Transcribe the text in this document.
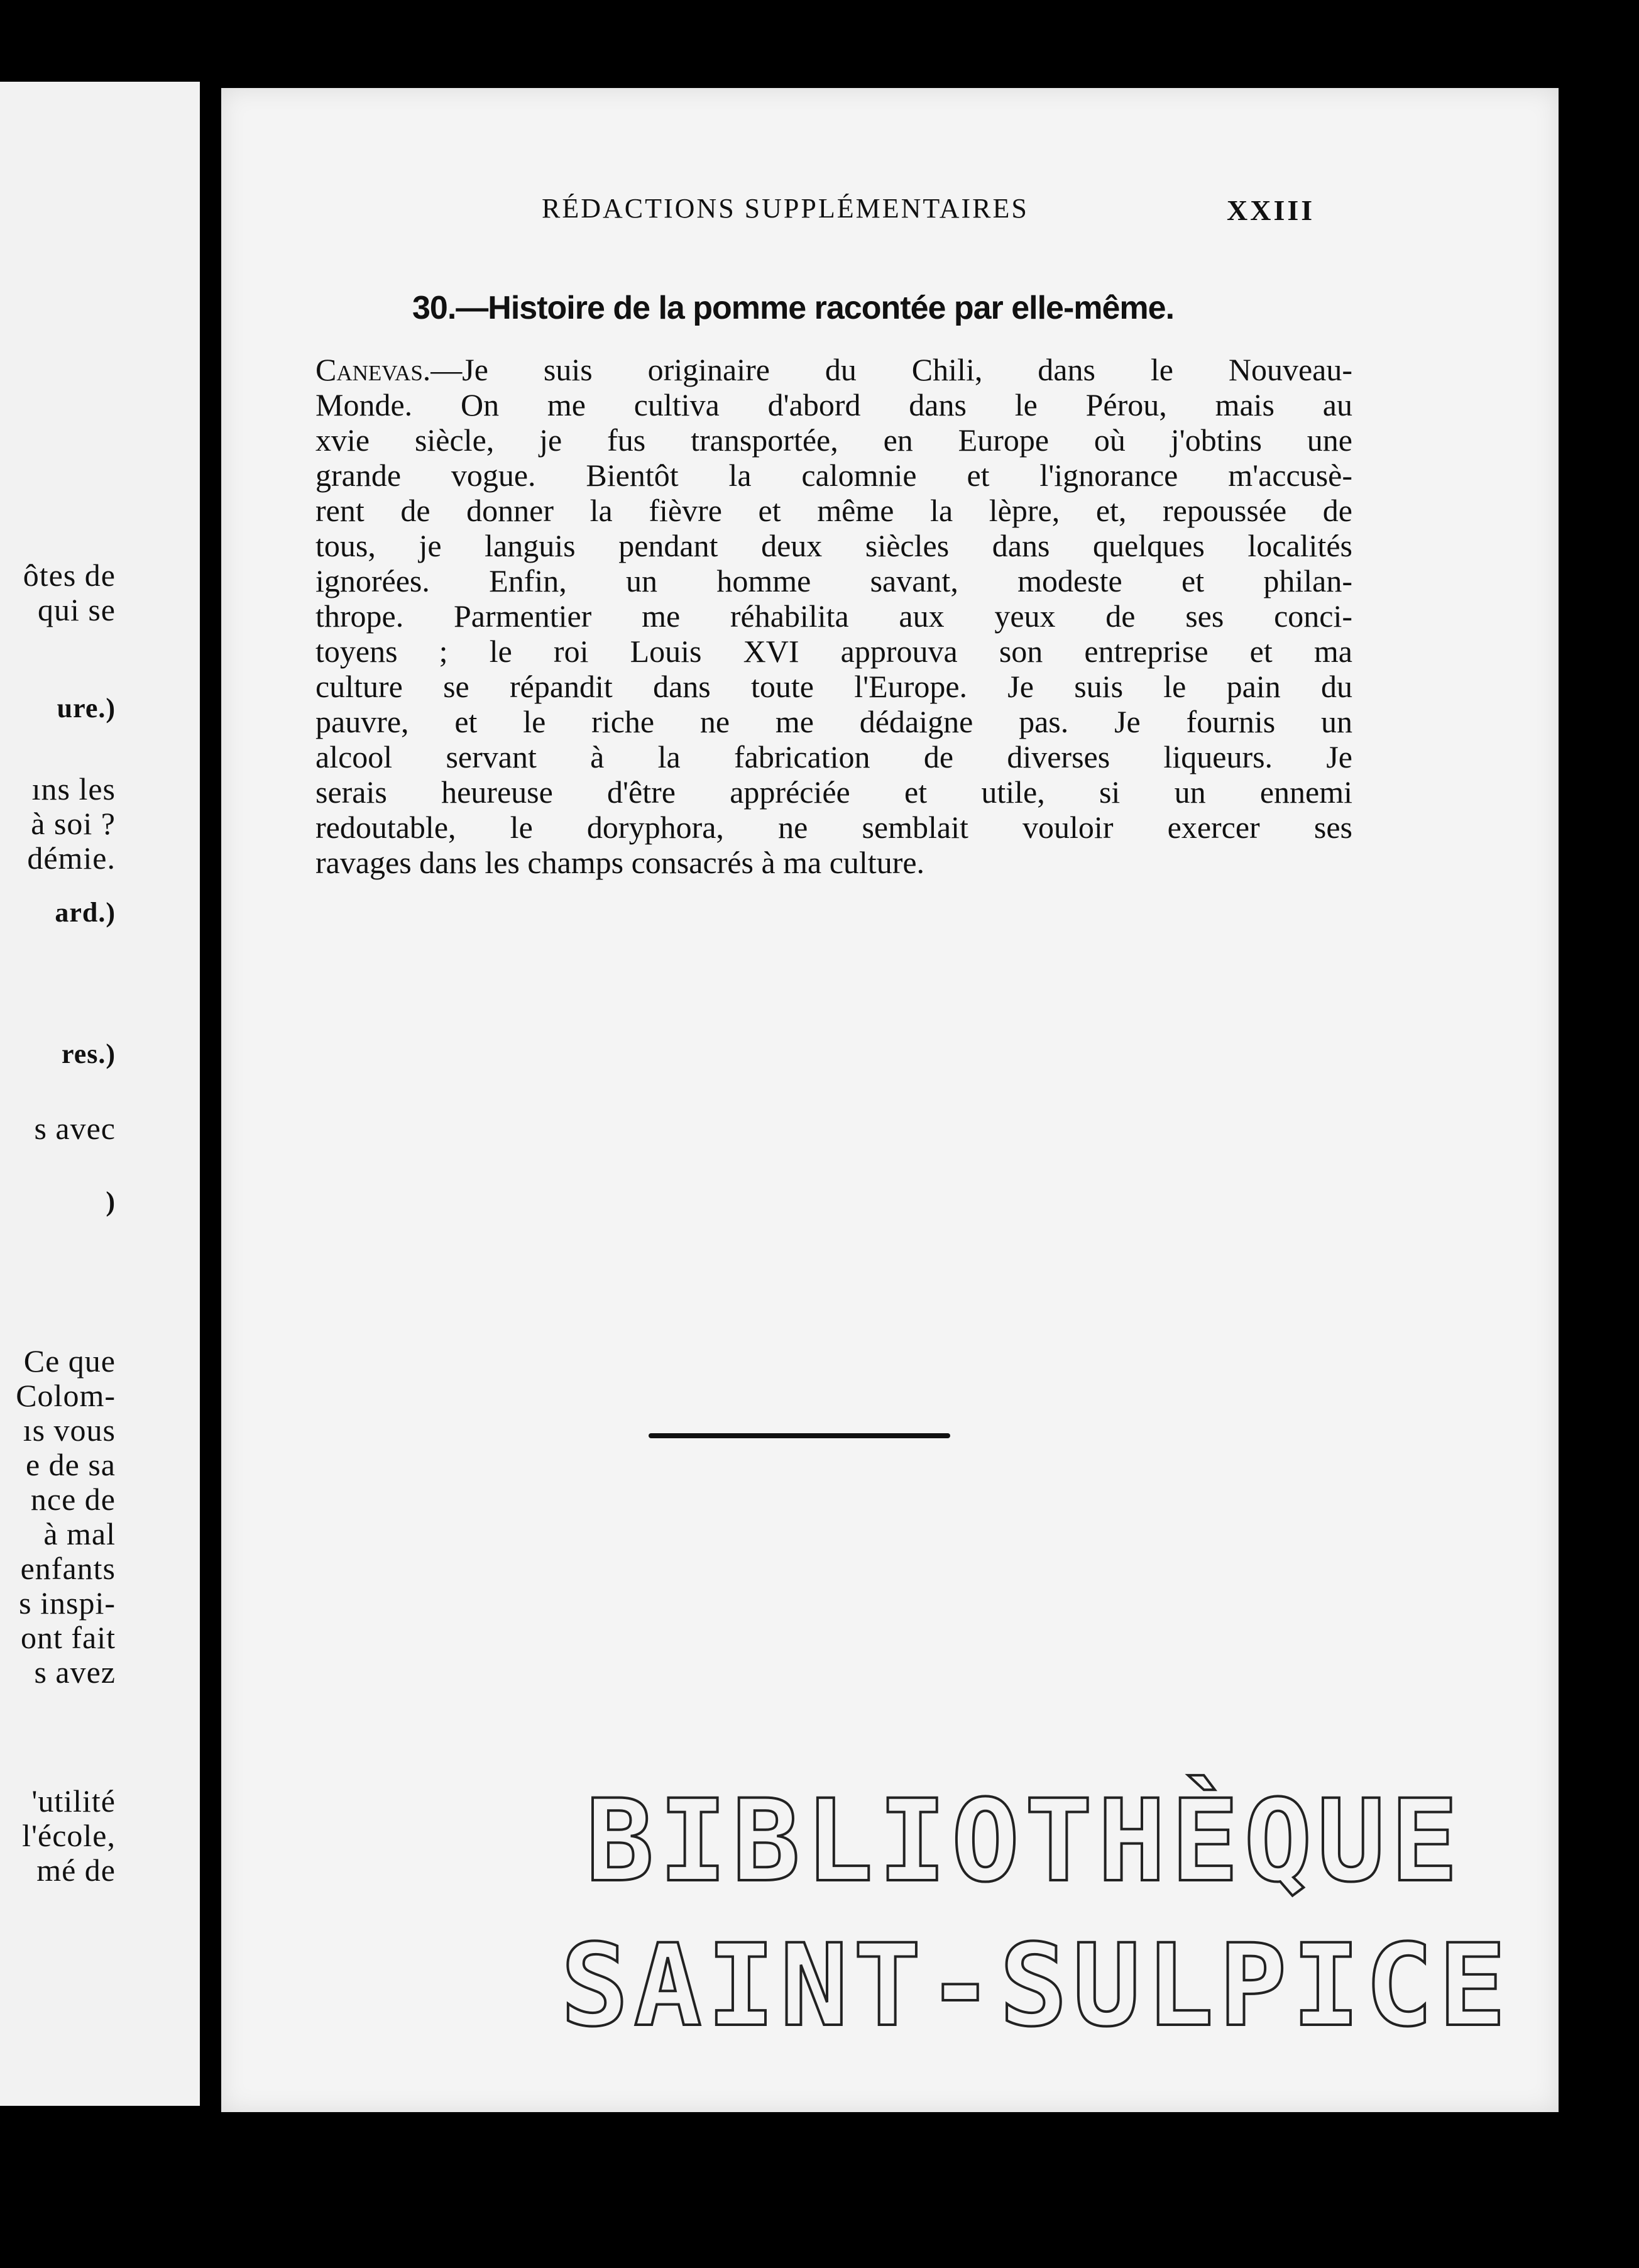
ôtes de
qui se
ure.)
ıns les
à soi ?
démie.
ard.)
res.)
s avec
)
Ce que
Colom-
ıs vous
e de sa
nce de
à mal
enfants
s inspi-
ont fait
s avez
'utilité
l'école,
mé de
RÉDACTIONS SUPPLÉMENTAIRES	XXIII
30.—Histoire de la pomme racontée par elle-même.
Canevas.—Je suis originaire du Chili, dans le Nouveau-
Monde. On me cultiva d'abord dans le Pérou, mais au
xvie siècle, je fus transportée, en Europe où j'obtins une
grande vogue. Bientôt la calomnie et l'ignorance m'accusè-
rent de donner la fièvre et même la lèpre, et, repoussée de
tous, je languis pendant deux siècles dans quelques localités
ignorées. Enfin, un homme savant, modeste et philan-
thrope. Parmentier me réhabilita aux yeux de ses conci-
toyens ; le roi Louis XVI approuva son entreprise et ma
culture se répandit dans toute l'Europe. Je suis le pain du
pauvre, et le riche ne me dédaigne pas. Je fournis un
alcool servant à la fabrication de diverses liqueurs. Je
serais heureuse d'être appréciée et utile, si un ennemi
redoutable, le doryphora, ne semblait vouloir exercer ses
ravages dans les champs consacrés à ma culture.
BIBLIOTHÈQUE
SAINT-SULPICE
